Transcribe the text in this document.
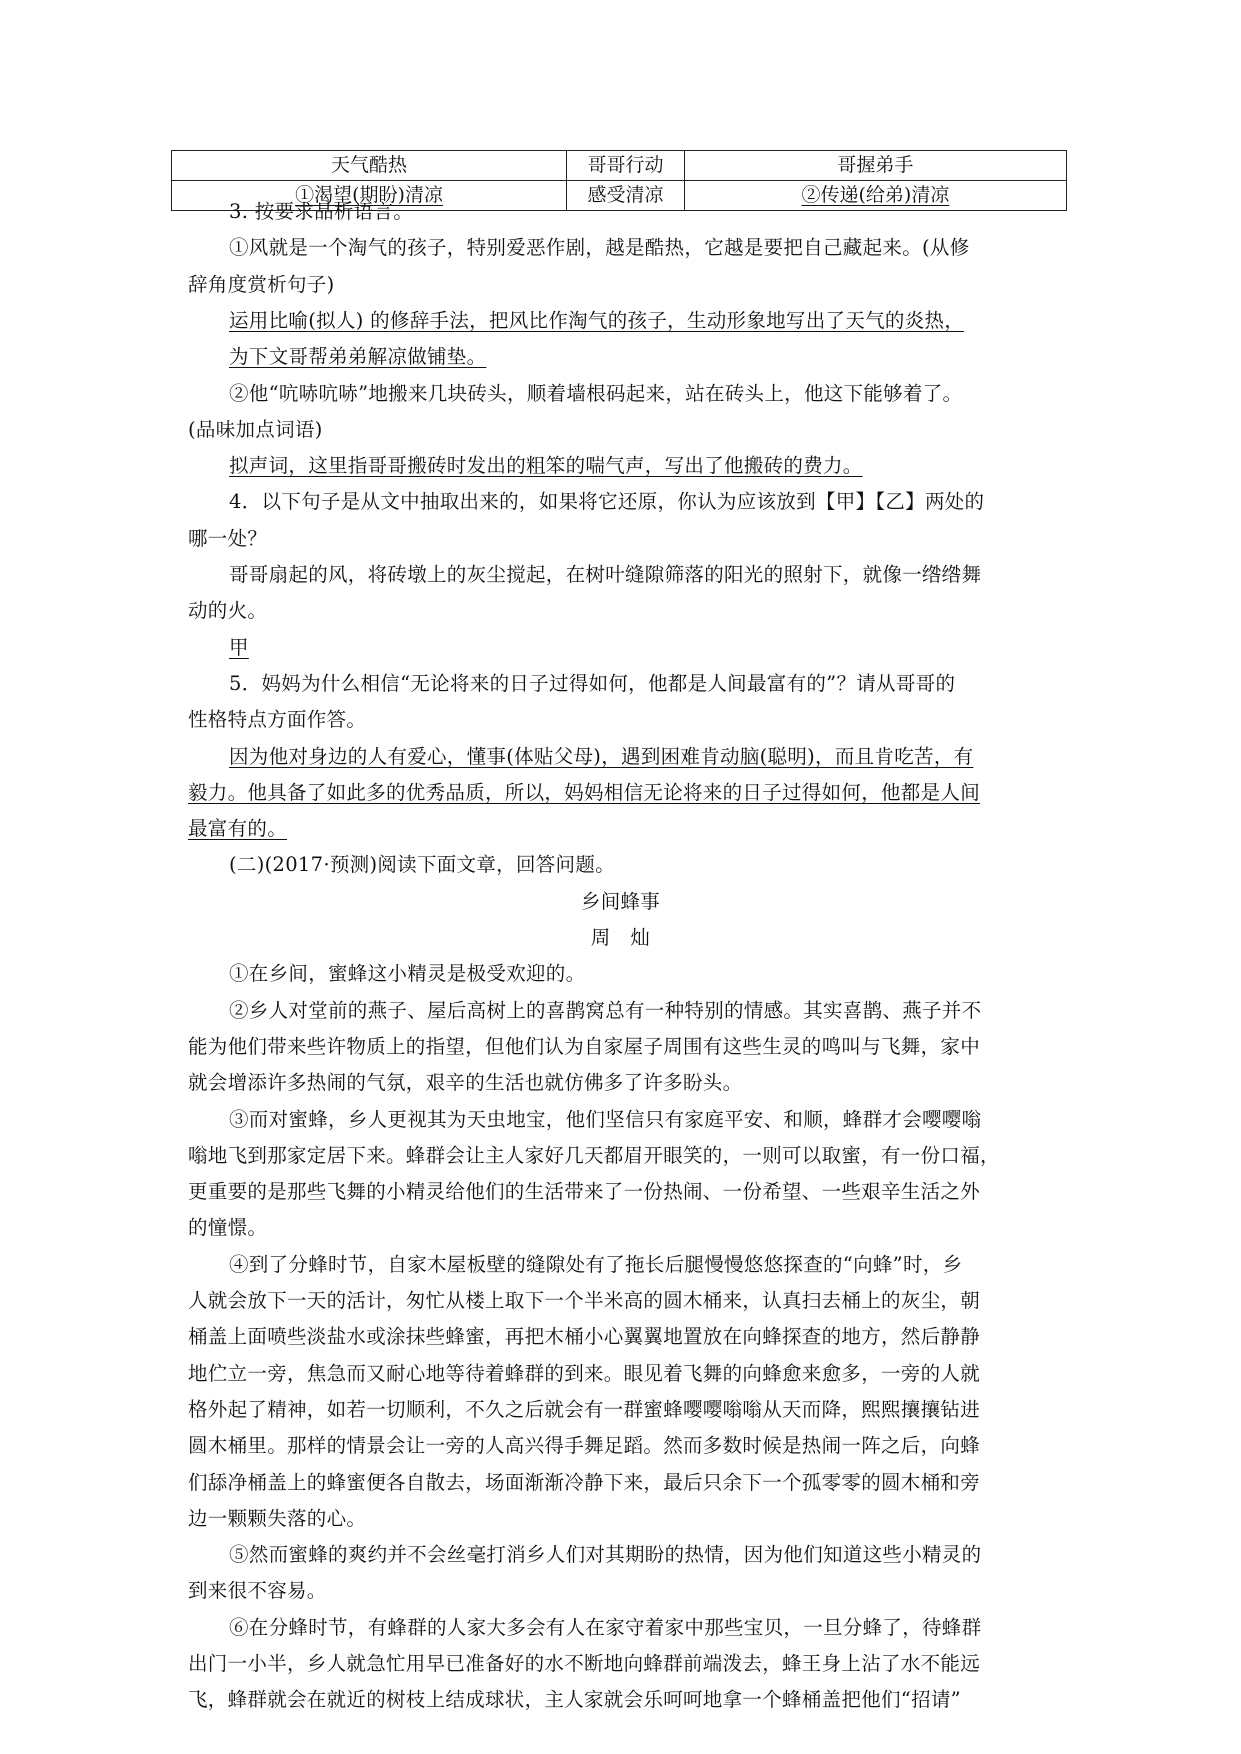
天气酷热	哥哥行动	哥握弟手
①渴望(期盼)清凉	感受清凉	②传递(给弟)清凉
3. 按要求品析语言。
①风就是一个淘气的孩子，特别爱恶作剧，越是酷热，它越是要把自己藏起来。(从修
辞角度赏析句子)
运用比喻(拟人) 的修辞手法，把风比作淘气的孩子，生动形象地写出了天气的炎热，
为下文哥帮弟弟解凉做铺垫。
②他“吭哧吭哧”地搬来几块砖头，顺着墙根码起来，站在砖头上，他这下能够着了。
(品味加点词语)
拟声词，这里指哥哥搬砖时发出的粗笨的喘气声，写出了他搬砖的费力。
4．以下句子是从文中抽取出来的，如果将它还原，你认为应该放到【甲】【乙】两处的
哪一处？
哥哥扇起的风，将砖墩上的灰尘搅起，在树叶缝隙筛落的阳光的照射下，就像一绺绺舞
动的火。
甲
5．妈妈为什么相信“无论将来的日子过得如何，他都是人间最富有的”？请从哥哥的
性格特点方面作答。
因为他对身边的人有爱心，懂事(体贴父母)，遇到困难肯动脑(聪明)，而且肯吃苦，有
毅力。他具备了如此多的优秀品质，所以，妈妈相信无论将来的日子过得如何，他都是人间
最富有的。
(二)(2017·预测)阅读下面文章，回答问题。
乡间蜂事
周　灿
①在乡间，蜜蜂这小精灵是极受欢迎的。
②乡人对堂前的燕子、屋后高树上的喜鹊窝总有一种特别的情感。其实喜鹊、燕子并不
能为他们带来些许物质上的指望，但他们认为自家屋子周围有这些生灵的鸣叫与飞舞，家中
就会增添许多热闹的气氛，艰辛的生活也就仿佛多了许多盼头。
③而对蜜蜂，乡人更视其为天虫地宝，他们坚信只有家庭平安、和顺，蜂群才会嘤嘤嗡
嗡地飞到那家定居下来。蜂群会让主人家好几天都眉开眼笑的，一则可以取蜜，有一份口福，
更重要的是那些飞舞的小精灵给他们的生活带来了一份热闹、一份希望、一些艰辛生活之外
的憧憬。
④到了分蜂时节，自家木屋板壁的缝隙处有了拖长后腿慢慢悠悠探查的“向蜂”时，乡
人就会放下一天的活计，匆忙从楼上取下一个半米高的圆木桶来，认真扫去桶上的灰尘，朝
桶盖上面喷些淡盐水或涂抹些蜂蜜，再把木桶小心翼翼地置放在向蜂探查的地方，然后静静
地伫立一旁，焦急而又耐心地等待着蜂群的到来。眼见着飞舞的向蜂愈来愈多，一旁的人就
格外起了精神，如若一切顺利，不久之后就会有一群蜜蜂嘤嘤嗡嗡从天而降，熙熙攘攘钻进
圆木桶里。那样的情景会让一旁的人高兴得手舞足蹈。然而多数时候是热闹一阵之后，向蜂
们舔净桶盖上的蜂蜜便各自散去，场面渐渐冷静下来，最后只余下一个孤零零的圆木桶和旁
边一颗颗失落的心。
⑤然而蜜蜂的爽约并不会丝毫打消乡人们对其期盼的热情，因为他们知道这些小精灵的
到来很不容易。
⑥在分蜂时节，有蜂群的人家大多会有人在家守着家中那些宝贝，一旦分蜂了，待蜂群
出门一小半，乡人就急忙用早已准备好的水不断地向蜂群前端泼去，蜂王身上沾了水不能远
飞，蜂群就会在就近的树枝上结成球状，主人家就会乐呵呵地拿一个蜂桶盖把他们“招请”
